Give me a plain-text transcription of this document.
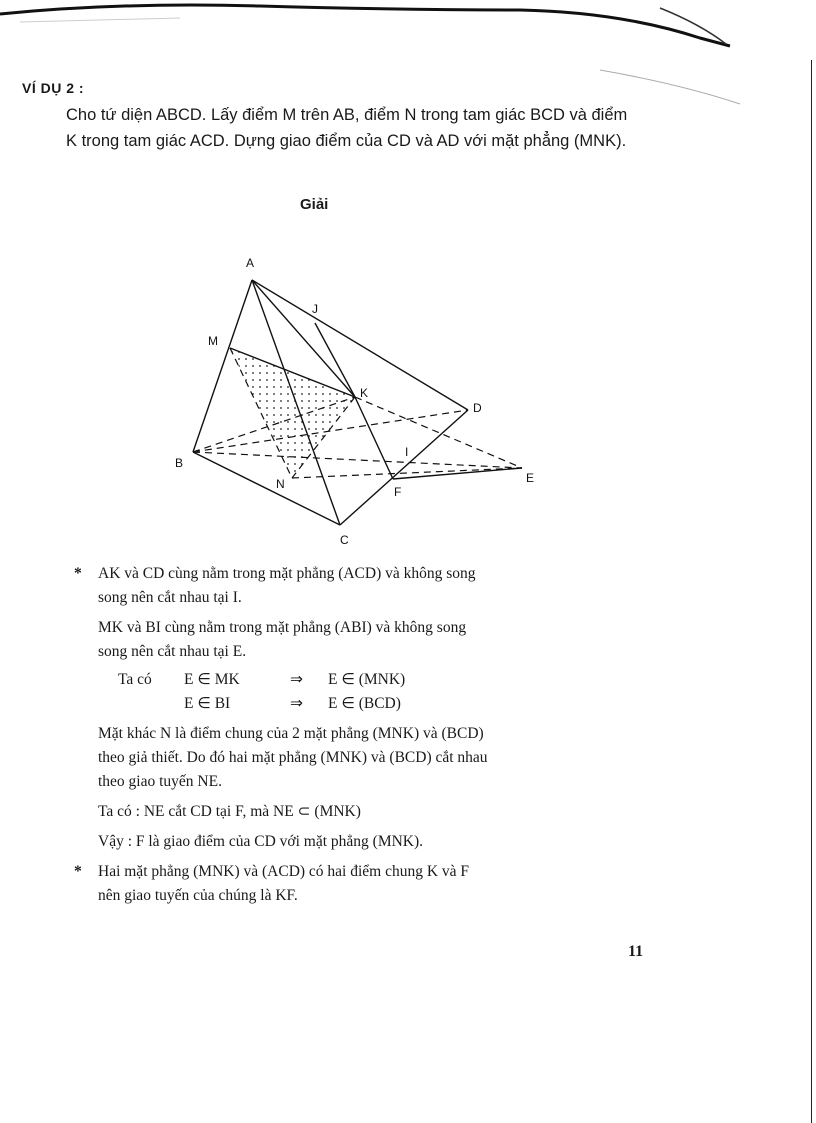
VÍ DỤ 2 :
Cho tứ diện ABCD. Lấy điểm M trên AB, điểm N trong tam giác BCD và điểm K trong tam giác ACD. Dựng giao điểm của CD và AD với mặt phẳng (MNK).
Giải
A
J
M
K
D
I
B
N
F
E
C
* AK và CD cùng nằm trong mặt phẳng (ACD) và không song

song nên cắt nhau tại I.

MK và BI cùng nằm trong mặt phẳng (ABI) và không song

song nên cắt nhau tại E.

Ta có	E ∈ MK	⇒	E ∈ (MNK)
E ∈ BI	⇒	E ∈ (BCD)

Mặt khác N là điểm chung của 2 mặt phẳng (MNK) và (BCD)

theo giả thiết. Do đó hai mặt phẳng (MNK) và (BCD) cắt nhau

theo giao tuyến NE.

Ta có : NE cắt CD tại F, mà NE ⊂ (MNK)

Vậy : F là giao điểm của CD với mặt phẳng (MNK).

* Hai mặt phẳng (MNK) và (ACD) có hai điểm chung K và F

nên giao tuyến của chúng là KF.

11
